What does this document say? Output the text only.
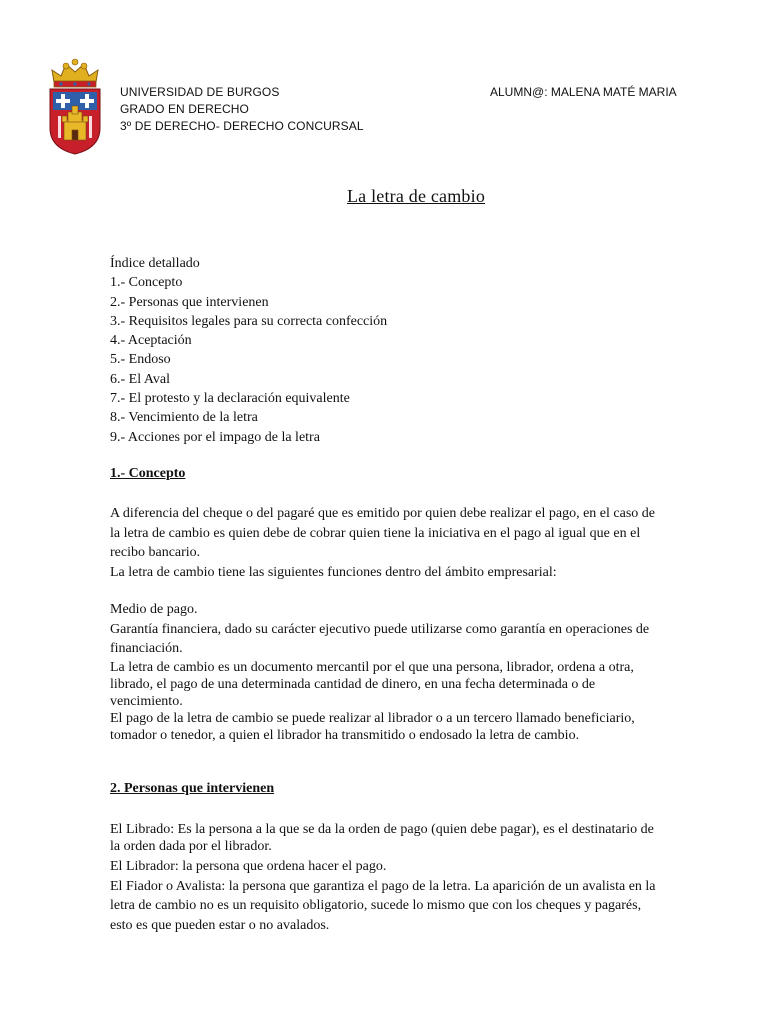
UNIVERSIDAD DE BURGOS
GRADO EN DERECHO
3º DE DERECHO- DERECHO CONCURSAL
ALUMN@: MALENA MATÉ MARIA
La letra de cambio
Índice detallado
1.- Concepto
2.- Personas que intervienen
3.- Requisitos legales para su correcta confección
4.- Aceptación
5.- Endoso
6.- El Aval
7.- El protesto y la declaración equivalente
8.- Vencimiento de la letra
9.- Acciones por el impago de la letra
1.- Concepto
A diferencia del cheque o del pagaré que es emitido por quien debe realizar el pago, en el caso de
la letra de cambio es quien debe de cobrar quien tiene la iniciativa en el pago al igual que en el
recibo bancario.
La letra de cambio tiene las siguientes funciones dentro del ámbito empresarial:
Medio de pago.
Garantía financiera, dado su carácter ejecutivo puede utilizarse como garantía en operaciones de
financiación.
La letra de cambio es un documento mercantil por el que una persona, librador, ordena a otra,
librado, el pago de una determinada cantidad de dinero, en una fecha determinada o de
vencimiento.
El pago de la letra de cambio se puede realizar al librador o a un tercero llamado beneficiario,
tomador o tenedor, a quien el librador ha transmitido o endosado la letra de cambio.
2. Personas que intervienen
El Librado: Es la persona a la que se da la orden de pago (quien debe pagar), es el destinatario de
la orden dada por el librador.
El Librador: la persona que ordena hacer el pago.
El Fiador o Avalista: la persona que garantiza el pago de la letra. La aparición de un avalista en la
letra de cambio no es un requisito obligatorio, sucede lo mismo que con los cheques y pagarés,
esto es que pueden estar o no avalados.
